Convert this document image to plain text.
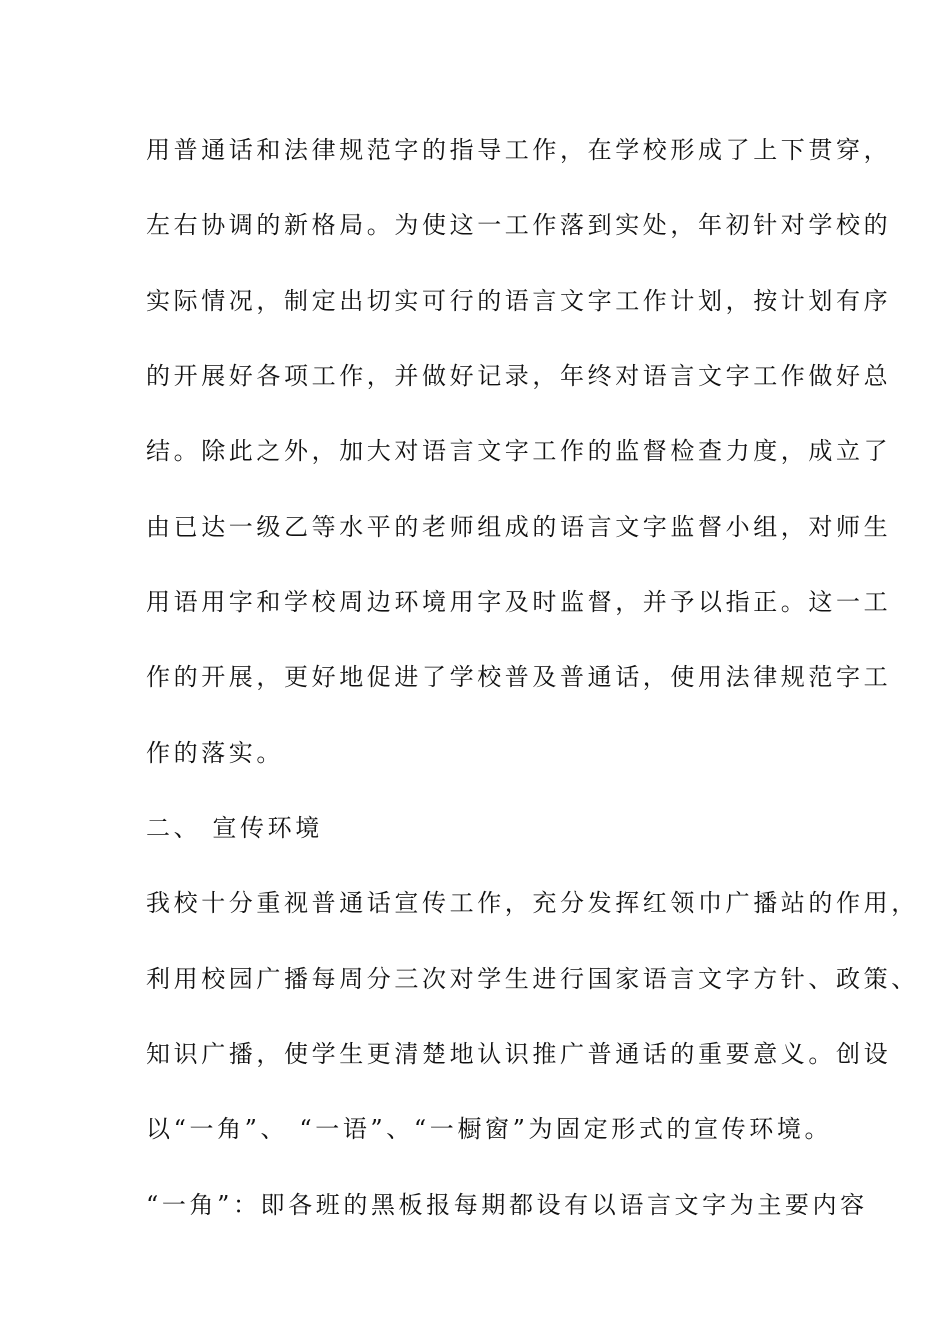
用普通话和法律规范字的指导工作，在学校形成了上下贯穿，
左右协调的新格局。为使这一工作落到实处，年初针对学校的
实际情况，制定出切实可行的语言文字工作计划，按计划有序
的开展好各项工作，并做好记录，年终对语言文字工作做好总
结。除此之外，加大对语言文字工作的监督检查力度，成立了
由已达一级乙等水平的老师组成的语言文字监督小组，对师生
用语用字和学校周边环境用字及时监督，并予以指正。这一工
作的开展，更好地促进了学校普及普通话，使用法律规范字工
作的落实。
二、 宣传环境
我校十分重视普通话宣传工作，充分发挥红领巾广播站的作用，
利用校园广播每周分三次对学生进行国家语言文字方针、政策、
知识广播，使学生更清楚地认识推广普通话的重要意义。创设
以“一角”、 “一语”、“一橱窗”为固定形式的宣传环境。
“一角”：即各班的黑板报每期都设有以语言文字为主要内容
